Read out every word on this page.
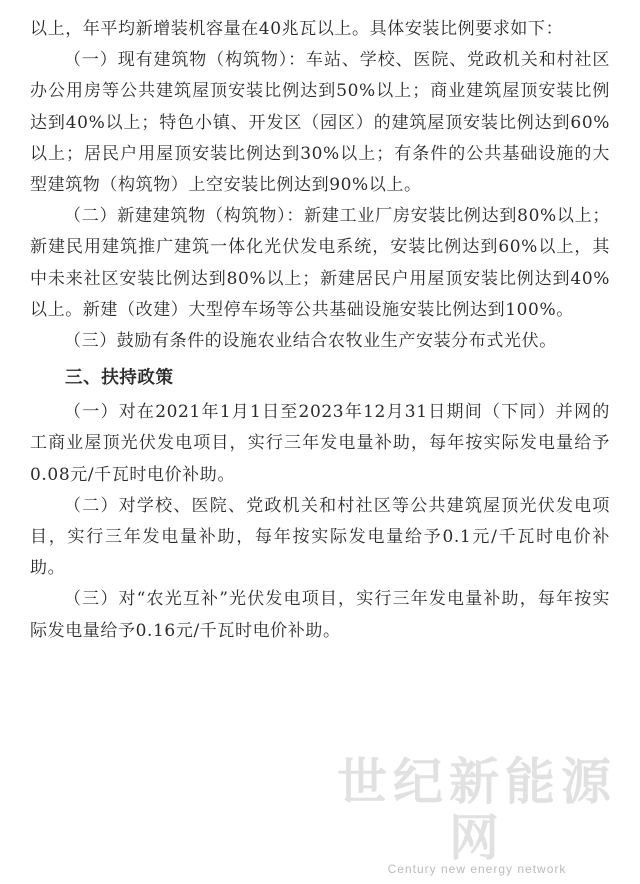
以上，年平均新增装机容量在40兆瓦以上。具体安装比例要求如下：

（一）现有建筑物（构筑物）：车站、学校、医院、党政机关和村社区办公用房等公共建筑屋顶安装比例达到50%以上；商业建筑屋顶安装比例达到40%以上；特色小镇、开发区（园区）的建筑屋顶安装比例达到60%以上；居民户用屋顶安装比例达到30%以上；有条件的公共基础设施的大型建筑物（构筑物）上空安装比例达到90%以上。

（二）新建建筑物（构筑物）：新建工业厂房安装比例达到80%以上；新建民用建筑推广建筑一体化光伏发电系统，安装比例达到60%以上，其中未来社区安装比例达到80%以上；新建居民户用屋顶安装比例达到40%以上。新建（改建）大型停车场等公共基础设施安装比例达到100%。

（三）鼓励有条件的设施农业结合农牧业生产安装分布式光伏。

三、扶持政策

（一）对在2021年1月1日至2023年12月31日期间（下同）并网的工商业屋顶光伏发电项目，实行三年发电量补助，每年按实际发电量给予0.08元/千瓦时电价补助。

（二）对学校、医院、党政机关和村社区等公共建筑屋顶光伏发电项目，实行三年发电量补助，每年按实际发电量给予0.1元/千瓦时电价补助。

（三）对“农光互补”光伏发电项目，实行三年发电量补助，每年按实际发电量给予0.16元/千瓦时电价补助。

世纪新能源网
Century new energy network
